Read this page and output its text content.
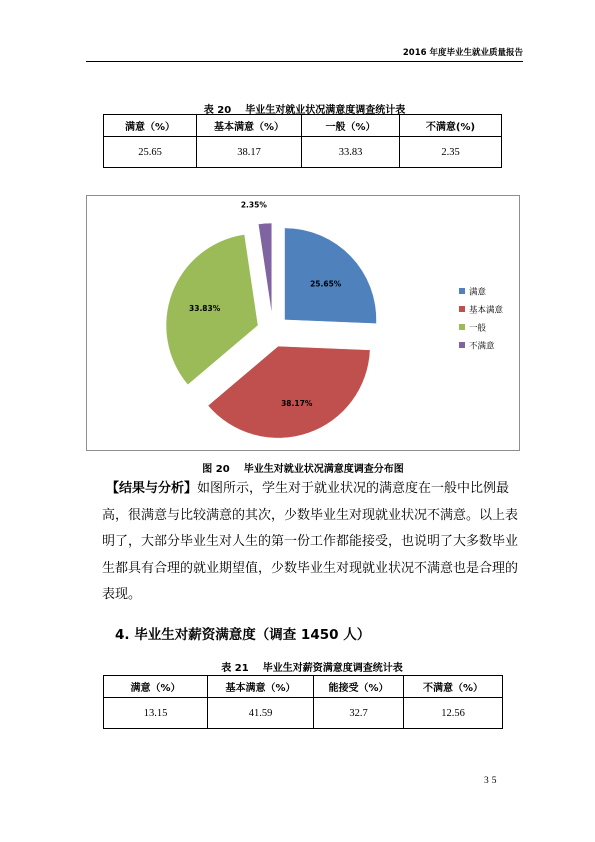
2016 年度毕业生就业质量报告
表 20 毕业生对就业状况满意度调查统计表
满意（%）	基本满意（%）	一般（%）	不满意(%)
25.65	38.17	33.83	2.35
25.65%
38.17%
33.83%
2.35%
满意
基本满意
一般
不满意
图 20 毕业生对就业状况满意度调查分布图
【结果与分析】如图所示，学生对于就业状况的满意度在一般中比例最高，很满意与比较满意的其次，少数毕业生对现就业状况不满意。以上表明了，大部分毕业生对人生的第一份工作都能接受，也说明了大多数毕业生都具有合理的就业期望值，少数毕业生对现就业状况不满意也是合理的表现。
4. 毕业生对薪资满意度（调查 1450 人）
表 21 毕业生对薪资满意度调查统计表
满意（%）	基本满意（%）	能接受（%）	不满意（%）
13.15	41.59	32.7	12.56
35
